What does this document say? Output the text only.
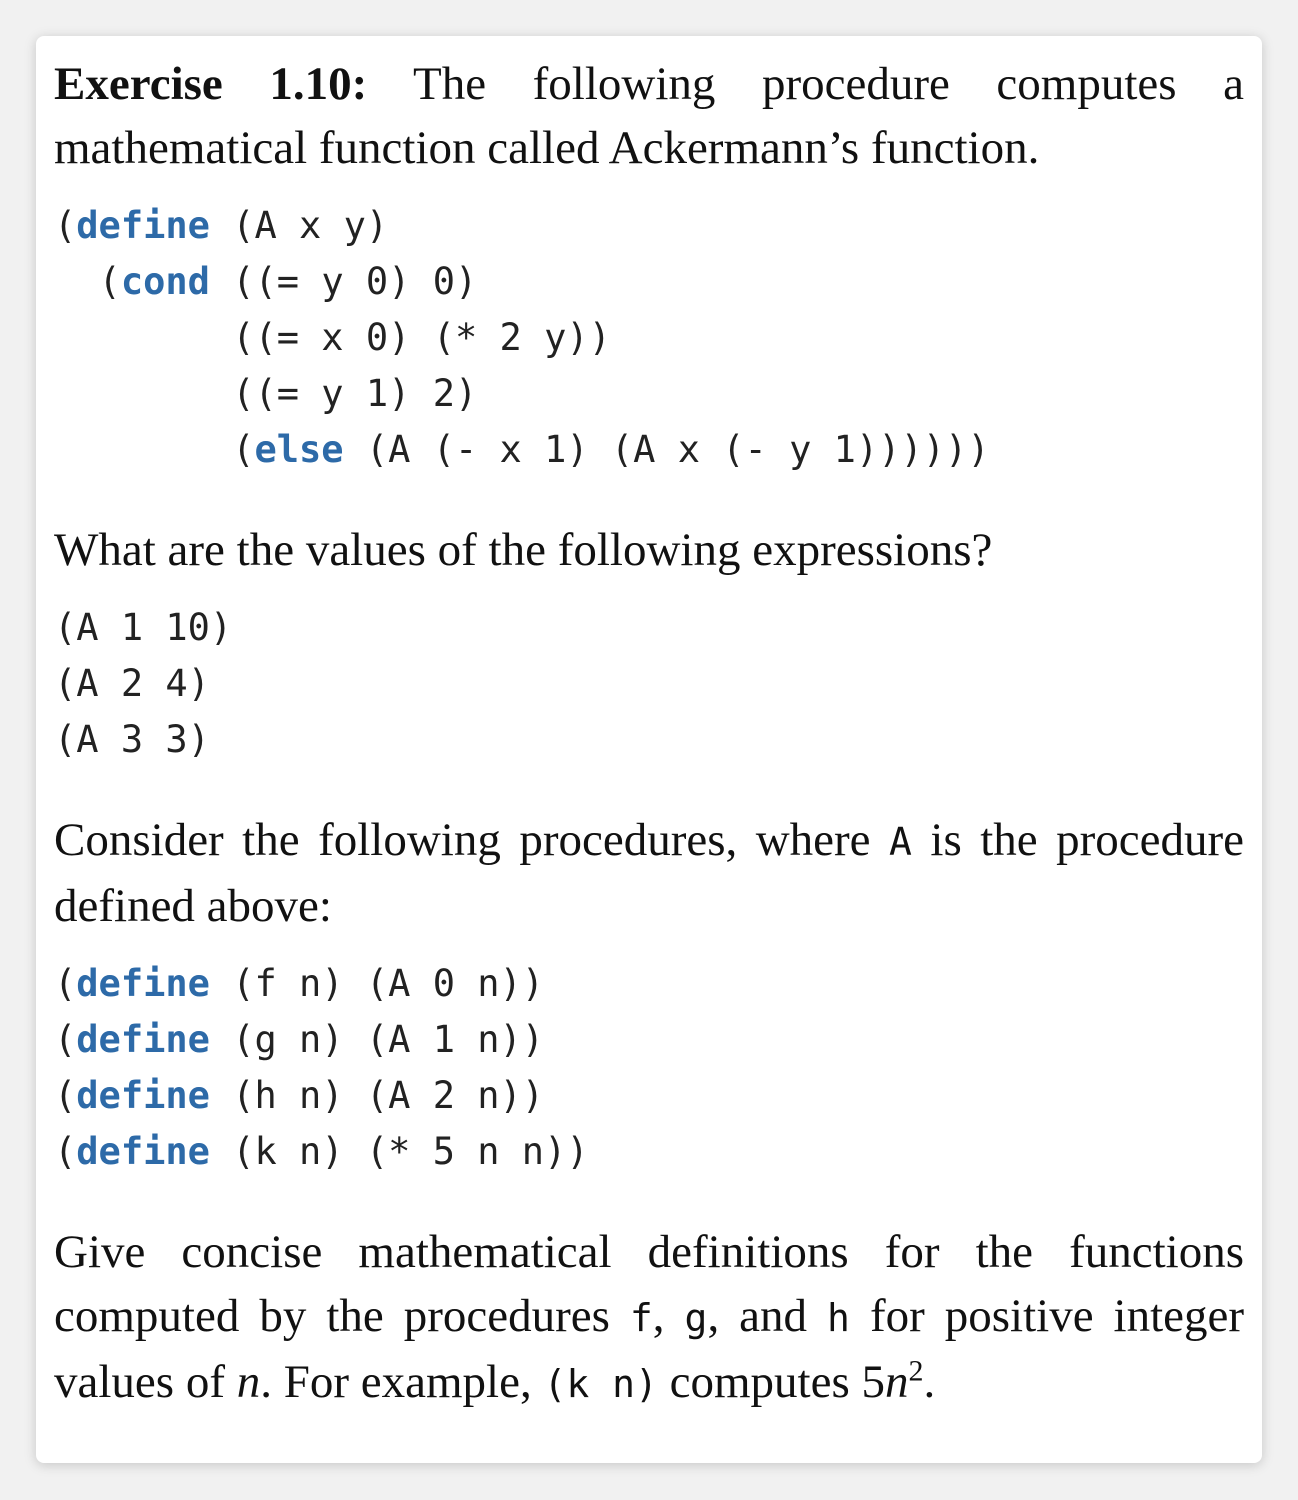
Exercise 1.10: The following procedure computes a mathematical function called Ackermann’s function.

(define (A x y)
(cond ((= y 0) 0)
((= x 0) (* 2 y))
((= y 1) 2)
(else (A (- x 1) (A x (- y 1))))))

What are the values of the following expressions?

(A 1 10)
(A 2 4)
(A 3 3)

Consider the following procedures, where A is the procedure defined above:

(define (f n) (A 0 n))
(define (g n) (A 1 n))
(define (h n) (A 2 n))
(define (k n) (* 5 n n))

Give concise mathematical definitions for the functions computed by the procedures f, g, and h for positive integer values of n. For example, (k n) computes $5n^2$.
